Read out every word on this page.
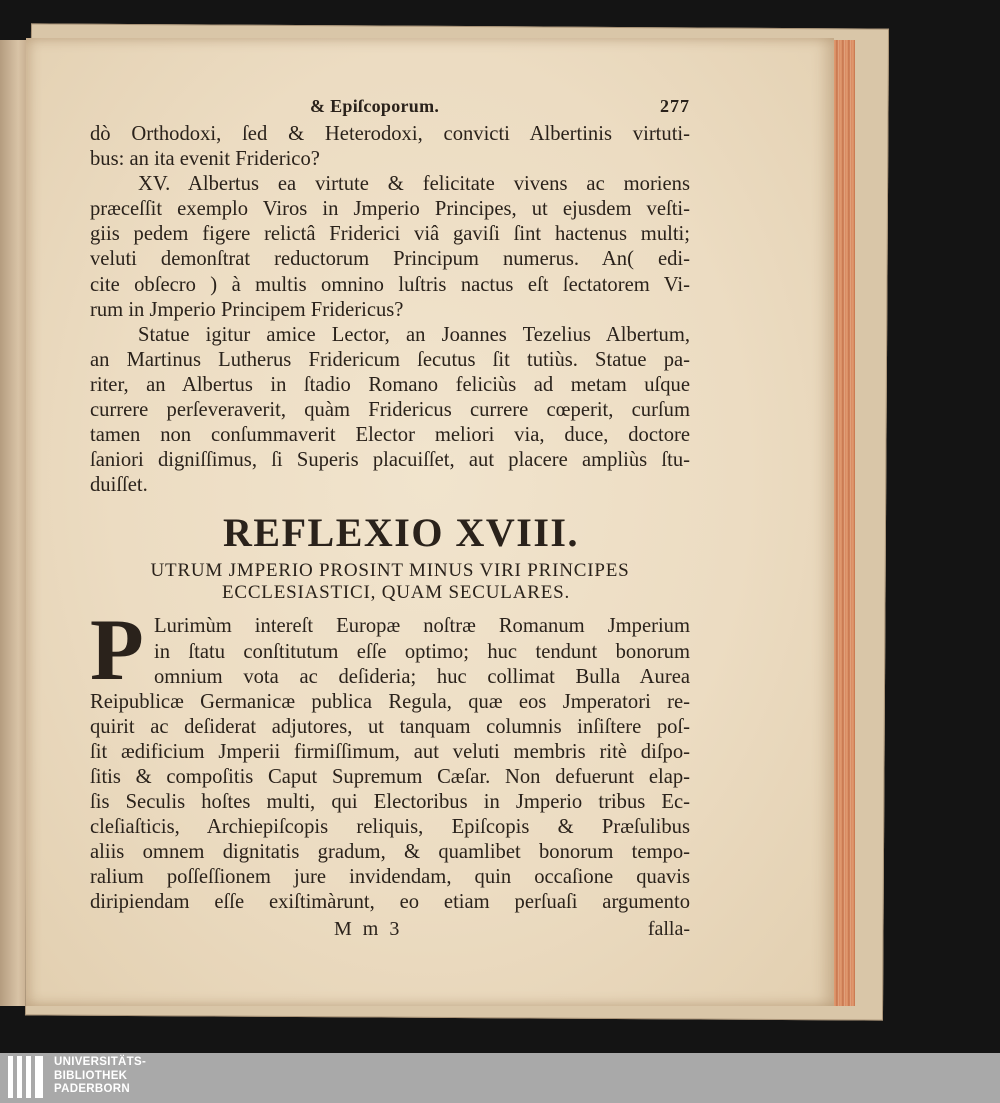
& Epiſcoporum.	277
dò Orthodoxi, ſed & Heterodoxi, convicti Albertinis virtuti-
bus: an ita evenit Friderico?
XV. Albertus ea virtute & felicitate vivens ac moriens
præceſſit exemplo Viros in Jmperio Principes, ut ejusdem veſti-
giis pedem figere relictâ Friderici viâ gaviſi ſint hactenus multi;
veluti demonſtrat reductorum Principum numerus. An( edi-
cite obſecro ) à multis omnino luſtris nactus eſt ſectatorem Vi-
rum in Jmperio Principem Fridericus?
Statue igitur amice Lector, an Joannes Tezelius Albertum,
an Martinus Lutherus Fridericum ſecutus ſit tutiùs. Statue pa-
riter, an Albertus in ſtadio Romano feliciùs ad metam uſque
currere perſeveraverit, quàm Fridericus currere cœperit, curſum
tamen non conſummaverit Elector meliori via, duce, doctore
ſaniori digniſſimus, ſi Superis placuiſſet, aut placere ampliùs ſtu-
duiſſet.
REFLEXIO XVIII.
UTRUM JMPERIO PROSINT MINUS VIRI PRINCIPES
ECCLESIASTICI, QUAM SECULARES.
P Lurimùm intereſt Europæ noſtræ Romanum Jmperium
in ſtatu conſtitutum eſſe optimo; huc tendunt bonorum
omnium vota ac deſideria; huc collimat Bulla Aurea
Reipublicæ Germanicæ publica Regula, quæ eos Jmperatori re-
quirit ac deſiderat adjutores, ut tanquam columnis inſiſtere poſ-
ſit ædificium Jmperii firmiſſimum, aut veluti membris ritè diſpo-
ſitis & compoſitis Caput Supremum Cæſar. Non defuerunt elap-
ſis Seculis hoſtes multi, qui Electoribus in Jmperio tribus Ec-
cleſiaſticis, Archiepiſcopis reliquis, Epiſcopis & Præſulibus
aliis omnem dignitatis gradum, & quamlibet bonorum tempo-
ralium poſſeſſionem jure invidendam, quin occaſione quavis
diripiendam eſſe exiſtimàrunt, eo etiam perſuaſi argumento
M m 3	falla-
UNIVERSITÄTS-
BIBLIOTHEK
PADERBORN
